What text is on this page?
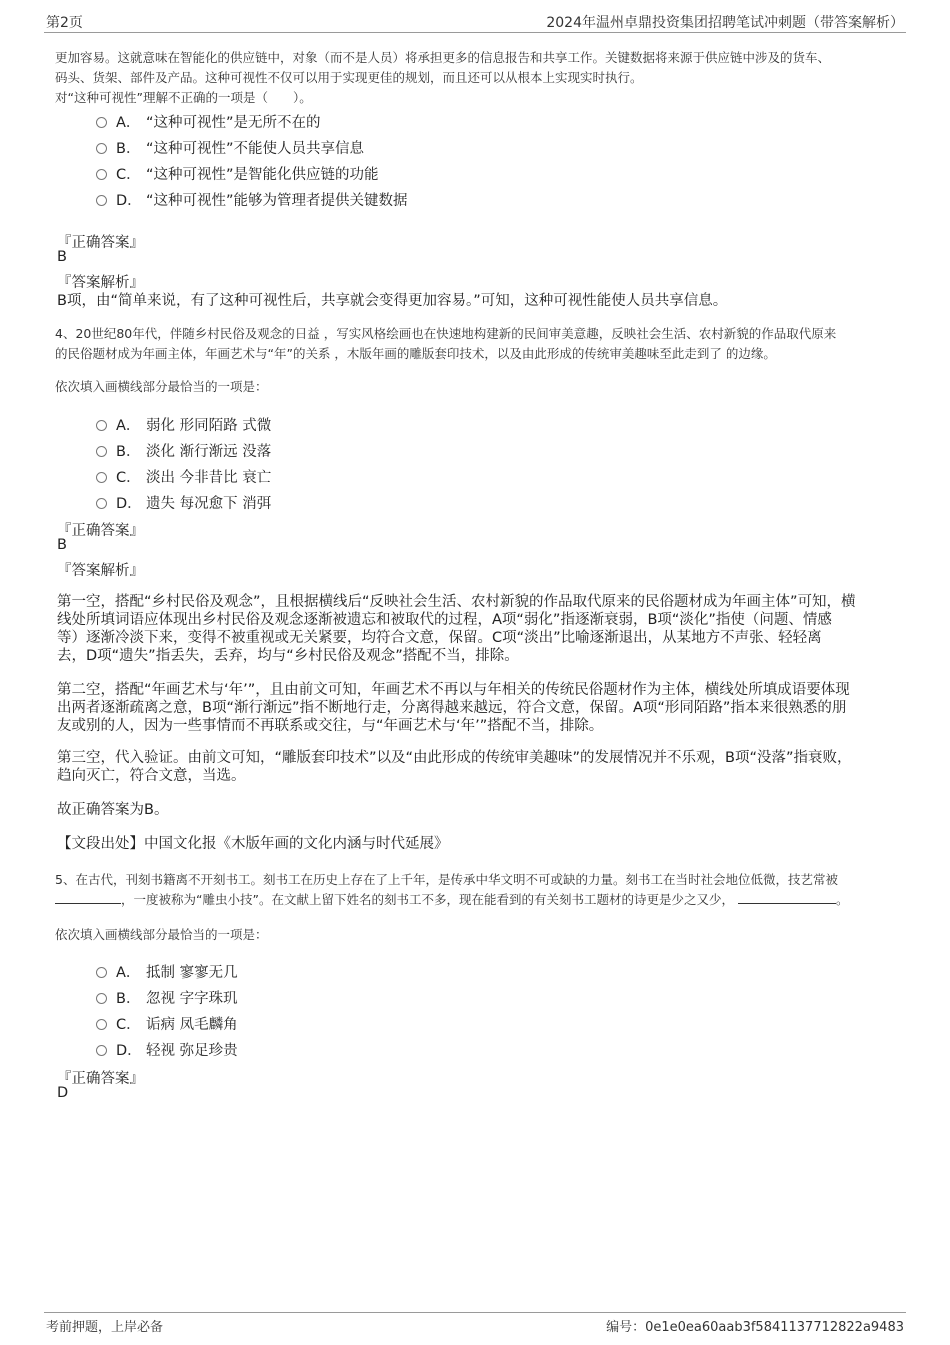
第2页	2024年温州卓鼎投资集团招聘笔试冲刺题（带答案解析）
更加容易。这就意味在智能化的供应链中，对象（而不是人员）将承担更多的信息报告和共享工作。关键数据将来源于供应链中涉及的货车、
码头、货架、部件及产品。这种可视性不仅可以用于实现更佳的规划，而且还可以从根本上实现实时执行。
对“这种可视性”理解不正确的一项是（　　）。
A． “这种可视性”是无所不在的
B． “这种可视性”不能使人员共享信息
C． “这种可视性”是智能化供应链的功能
D． “这种可视性”能够为管理者提供关键数据
『正确答案』
B
『答案解析』
B项，由“简单来说，有了这种可视性后，共享就会变得更加容易。”可知，这种可视性能使人员共享信息。
4、20世纪80年代，伴随乡村民俗及观念的日益 ，写实风格绘画也在快速地构建新的民间审美意趣，反映社会生活、农村新貌的作品取代原来
的民俗题材成为年画主体，年画艺术与“年”的关系 ，木版年画的雕版套印技术，以及由此形成的传统审美趣味至此走到了 的边缘。
依次填入画横线部分最恰当的一项是：
A． 弱化 形同陌路 式微
B． 淡化 渐行渐远 没落
C． 淡出 今非昔比 衰亡
D． 遗失 每况愈下 消弭
『正确答案』
B
『答案解析』
第一空，搭配“乡村民俗及观念”，且根据横线后“反映社会生活、农村新貌的作品取代原来的民俗题材成为年画主体”可知，横
线处所填词语应体现出乡村民俗及观念逐渐被遗忘和被取代的过程，A项“弱化”指逐渐衰弱，B项“淡化”指使（问题、情感
等）逐渐冷淡下来，变得不被重视或无关紧要，均符合文意，保留。C项“淡出”比喻逐渐退出，从某地方不声张、轻轻离
去，D项“遗失”指丢失，丢弃，均与“乡村民俗及观念”搭配不当，排除。
第二空，搭配“年画艺术与‘年’”，且由前文可知，年画艺术不再以与年相关的传统民俗题材作为主体，横线处所填成语要体现
出两者逐渐疏离之意，B项“渐行渐远”指不断地行走，分离得越来越远，符合文意，保留。A项“形同陌路”指本来很熟悉的朋
友或别的人，因为一些事情而不再联系或交往，与“年画艺术与‘年’”搭配不当，排除。
第三空，代入验证。由前文可知，“雕版套印技术”以及“由此形成的传统审美趣味”的发展情况并不乐观，B项“没落”指衰败，
趋向灭亡，符合文意，当选。
故正确答案为B。
【文段出处】中国文化报《木版年画的文化内涵与时代延展》
5、在古代，刊刻书籍离不开刻书工。刻书工在历史上存在了上千年，是传承中华文明不可或缺的力量。刻书工在当时社会地位低微，技艺常被
，一度被称为“雕虫小技”。在文献上留下姓名的刻书工不多，现在能看到的有关刻书工题材的诗更是少之又少，	。
依次填入画横线部分最恰当的一项是：
A． 抵制 寥寥无几
B． 忽视 字字珠玑
C． 诟病 凤毛麟角
D． 轻视 弥足珍贵
『正确答案』
D
考前押题，上岸必备	编号：0e1e0ea60aab3f5841137712822a9483
